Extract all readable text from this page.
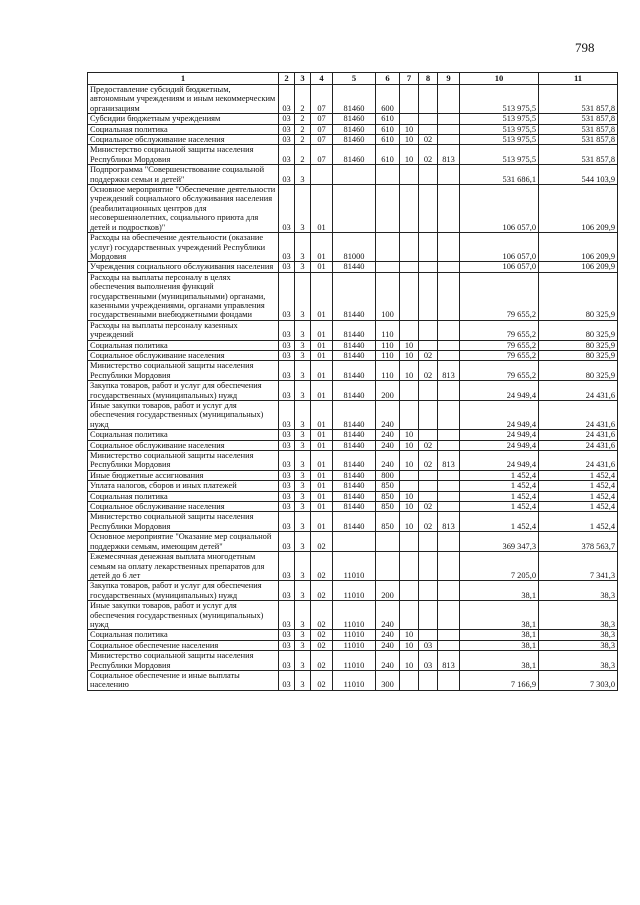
798
1	2	3	4	5	6	7	8	9	10	11
Предоставление субсидий бюджетным, автономным учреждениям и иным некоммерческим организациям	03	2	07	81460	600				513 975,5	531 857,8
Субсидии бюджетным учреждениям	03	2	07	81460	610				513 975,5	531 857,8
Социальная политика	03	2	07	81460	610	10			513 975,5	531 857,8
Социальное обслуживание населения	03	2	07	81460	610	10	02		513 975,5	531 857,8
Министерство социальной защиты населения Республики Мордовия	03	2	07	81460	610	10	02	813	513 975,5	531 857,8
Подпрограмма "Совершенствование социальной поддержки семьи и детей"	03	3							531 686,1	544 103,9
Основное мероприятие "Обеспечение деятельности учреждений социального обслуживания населения (реабилитационных центров для несовершеннолетних, социального приюта для детей и подростков)"	03	3	01						106 057,0	106 209,9
Расходы на обеспечение деятельности (оказание услуг) государственных учреждений Республики Мордовия	03	3	01	81000					106 057,0	106 209,9
Учреждения социального обслуживания населения	03	3	01	81440					106 057,0	106 209,9
Расходы на выплаты персоналу в целях обеспечения выполнения функций государственными (муниципальными) органами, казенными учреждениями, органами управления государственными внебюджетными фондами	03	3	01	81440	100				79 655,2	80 325,9
Расходы на выплаты персоналу казенных учреждений	03	3	01	81440	110				79 655,2	80 325,9
Социальная политика	03	3	01	81440	110	10			79 655,2	80 325,9
Социальное обслуживание населения	03	3	01	81440	110	10	02		79 655,2	80 325,9
Министерство социальной защиты населения Республики Мордовия	03	3	01	81440	110	10	02	813	79 655,2	80 325,9
Закупка товаров, работ и услуг для обеспечения государственных (муниципальных) нужд	03	3	01	81440	200				24 949,4	24 431,6
Иные закупки товаров, работ и услуг для обеспечения государственных (муниципальных) нужд	03	3	01	81440	240				24 949,4	24 431,6
Социальная политика	03	3	01	81440	240	10			24 949,4	24 431,6
Социальное обслуживание населения	03	3	01	81440	240	10	02		24 949,4	24 431,6
Министерство социальной защиты населения Республики Мордовия	03	3	01	81440	240	10	02	813	24 949,4	24 431,6
Иные бюджетные ассигнования	03	3	01	81440	800				1 452,4	1 452,4
Уплата налогов, сборов и иных платежей	03	3	01	81440	850				1 452,4	1 452,4
Социальная политика	03	3	01	81440	850	10			1 452,4	1 452,4
Социальное обслуживание населения	03	3	01	81440	850	10	02		1 452,4	1 452,4
Министерство социальной защиты населения Республики Мордовия	03	3	01	81440	850	10	02	813	1 452,4	1 452,4
Основное мероприятие "Оказание мер социальной поддержки семьям, имеющим детей"	03	3	02						369 347,3	378 563,7
Ежемесячная денежная выплата многодетным семьям на оплату лекарственных препаратов для детей до 6 лет	03	3	02	11010					7 205,0	7 341,3
Закупка товаров, работ и услуг для обеспечения государственных (муниципальных) нужд	03	3	02	11010	200				38,1	38,3
Иные закупки товаров, работ и услуг для обеспечения государственных (муниципальных) нужд	03	3	02	11010	240				38,1	38,3
Социальная политика	03	3	02	11010	240	10			38,1	38,3
Социальное обеспечение населения	03	3	02	11010	240	10	03		38,1	38,3
Министерство социальной защиты населения Республики Мордовия	03	3	02	11010	240	10	03	813	38,1	38,3
Социальное обеспечение и иные выплаты населению	03	3	02	11010	300				7 166,9	7 303,0
